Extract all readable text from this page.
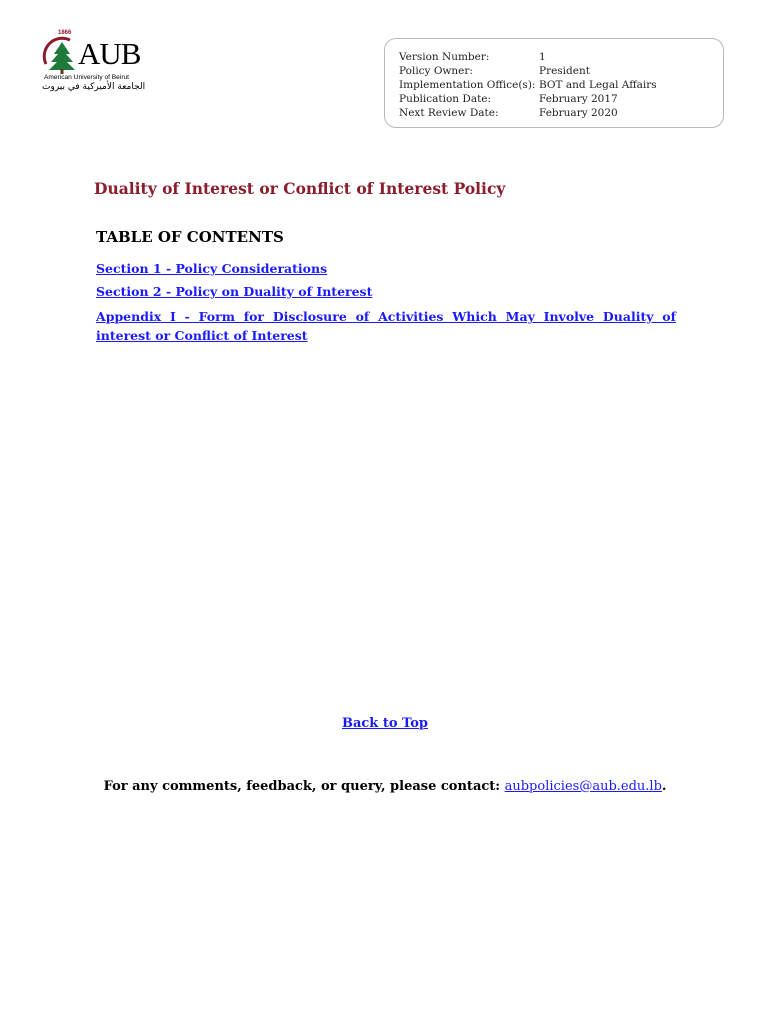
1866
AUB
American University of Beirut
الجامعة الأميركية في بيروت
Version Number:	1
Policy Owner:	President
Implementation Office(s): BOT and Legal Affairs
Publication Date:	February 2017
Next Review Date:	February 2020
Duality of Interest or Conflict of Interest Policy
TABLE OF CONTENTS
Section 1 - Policy Considerations
Section 2 - Policy on Duality of Interest
Appendix I - Form for Disclosure of Activities Which May Involve Duality of interest or Conflict of Interest
Back to Top
For any comments, feedback, or query, please contact: aubpolicies@aub.edu.lb.
